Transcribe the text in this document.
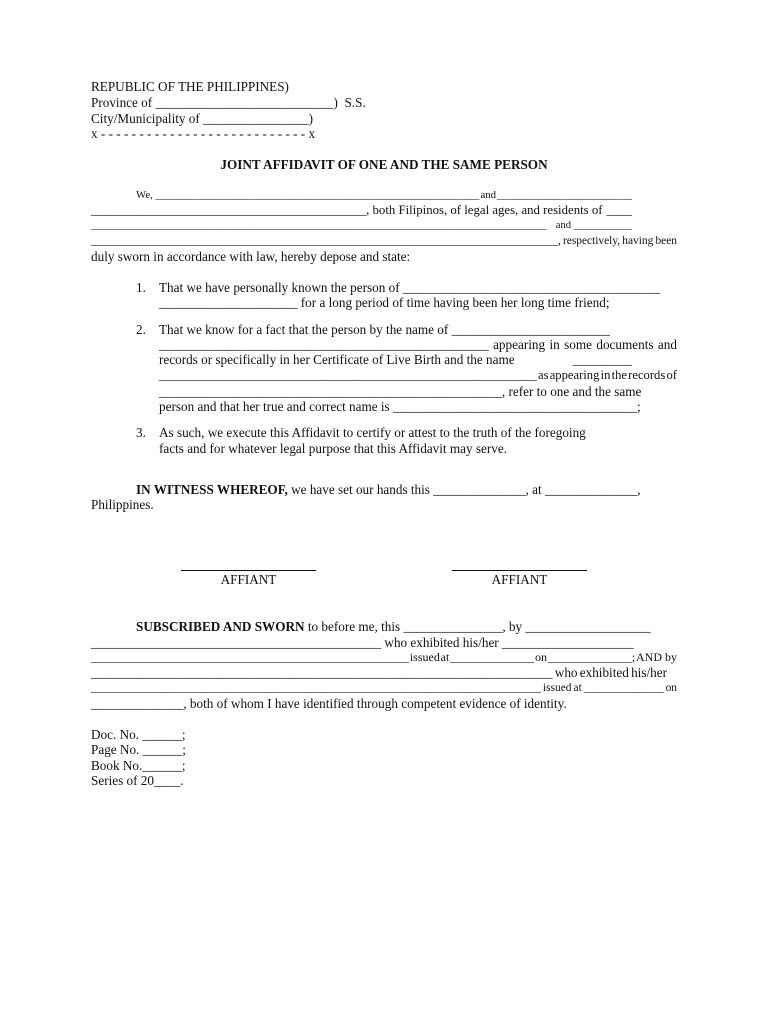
REPUBLIC OF THE PHILIPPINES)
Province of ___________________________)  S.S.
City/Municipality of ________________)
x - - - - - - - - - - - - - - - - - - - - - - - - - - - x
JOINT AFFIDAVIT OF ONE AND THE SAME PERSON
We, ____________________________________________________________ and _________________________
___________________________________________, both Filipinos, of legal ages, and residents of ____
______________________________________________________________________________________ and ___________
__________________________________________________________________________________, respectively, having been
duly sworn in accordance with law, hereby depose and state:
1. That we have personally known the person of _______________________________________
_____________________ for a long period of time having been her long time friend;
2. That we know for a fact that the person by the name of ________________________
__________________________________________________ appearing in some documents and
records or specifically in her Certificate of Live Birth and the name	_________
____________________________________________________________ as appearing in the records of
____________________________________________________, refer to one and the same
person and that her true and correct name is _____________________________________;
3. As such, we execute this Affidavit to certify or attest to the truth of the foregoing
facts and for whatever legal purpose that this Affidavit may serve.
IN WITNESS WHEREOF, we have set our hands this ______________, at ______________,
Philippines.
AFFIANT	AFFIANT
SUBSCRIBED AND SWORN to before me, this _______________, by ___________________
____________________________________________ who exhibited his/her ____________________
_____________________________________________________ issued at ______________ on ______________; AND by
______________________________________________________________________ who exhibited his/her
_______________________________________________________________________________ issued at ______________ on
______________, both of whom I have identified through competent evidence of identity.
Doc. No. ______;
Page No. ______;
Book No.______;
Series of 20____.
